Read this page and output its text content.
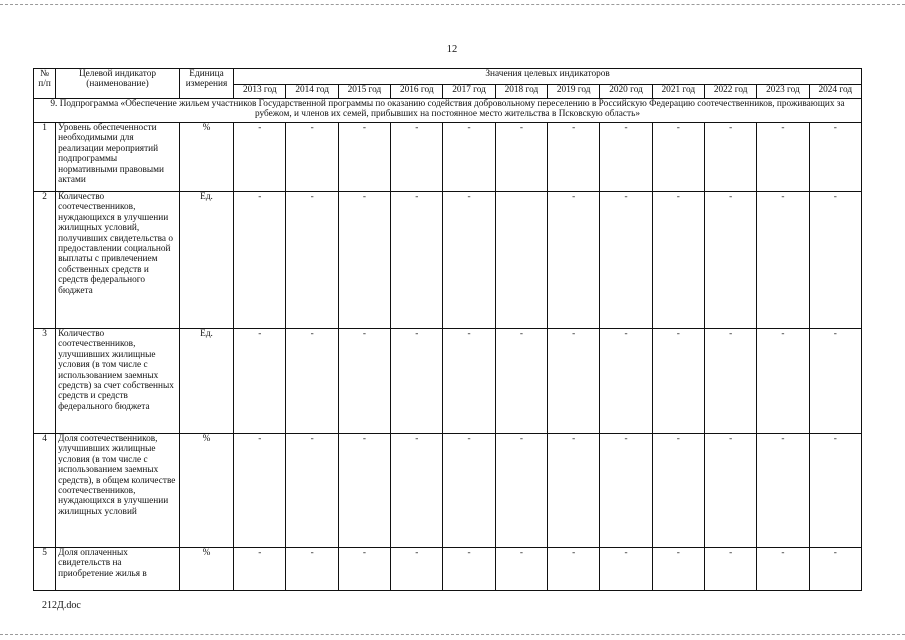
12
№ п/п	Целевой индикатор (наименование)	Единица измерения	Значения целевых индикаторов											
			2013 год	2014 год	2015 год	2016 год	2017 год	2018 год	2019 год	2020 год	2021 год	2022 год	2023 год	2024 год
9. Подпрограмма «Обеспечение жильем участников Государственной программы по оказанию содействия добровольному переселению в Российскую Федерацию соотечественников, проживающих за рубежом, и членов их семей, прибывших на постоянное место жительства в Псковскую область»														
1	Уровень обеспеченности необходимыми для реализации мероприятий подпрограммы нормативными правовыми актами	%	-	-	-	-	-	-	-	-	-	-	-	-
2	Количество соотечественников, нуждающихся в улучшении жилищных условий, получивших свидетельства о предоставлении социальной выплаты с привлечением собственных средств и средств федерального бюджета	Ед.	-	-	-	-	-		-	-	-	-	-	-
3	Количество соотечественников, улучшивших жилищные условия (в том числе с использованием заемных средств) за счет собственных средств и средств федерального бюджета	Ед.	-	-	-	-	-	-	-	-	-	-	-	-
4	Доля соотечественников, улучшивших жилищные условия (в том числе с использованием заемных средств), в общем количестве соотечественников, нуждающихся в улучшении жилищных условий	%	-	-	-	-	-	-	-	-	-	-	-	-
5	Доля оплаченных свидетельств на приобретение жилья в	%	-	-	-	-	-	-	-	-	-	-	-	-
212Д.doc
